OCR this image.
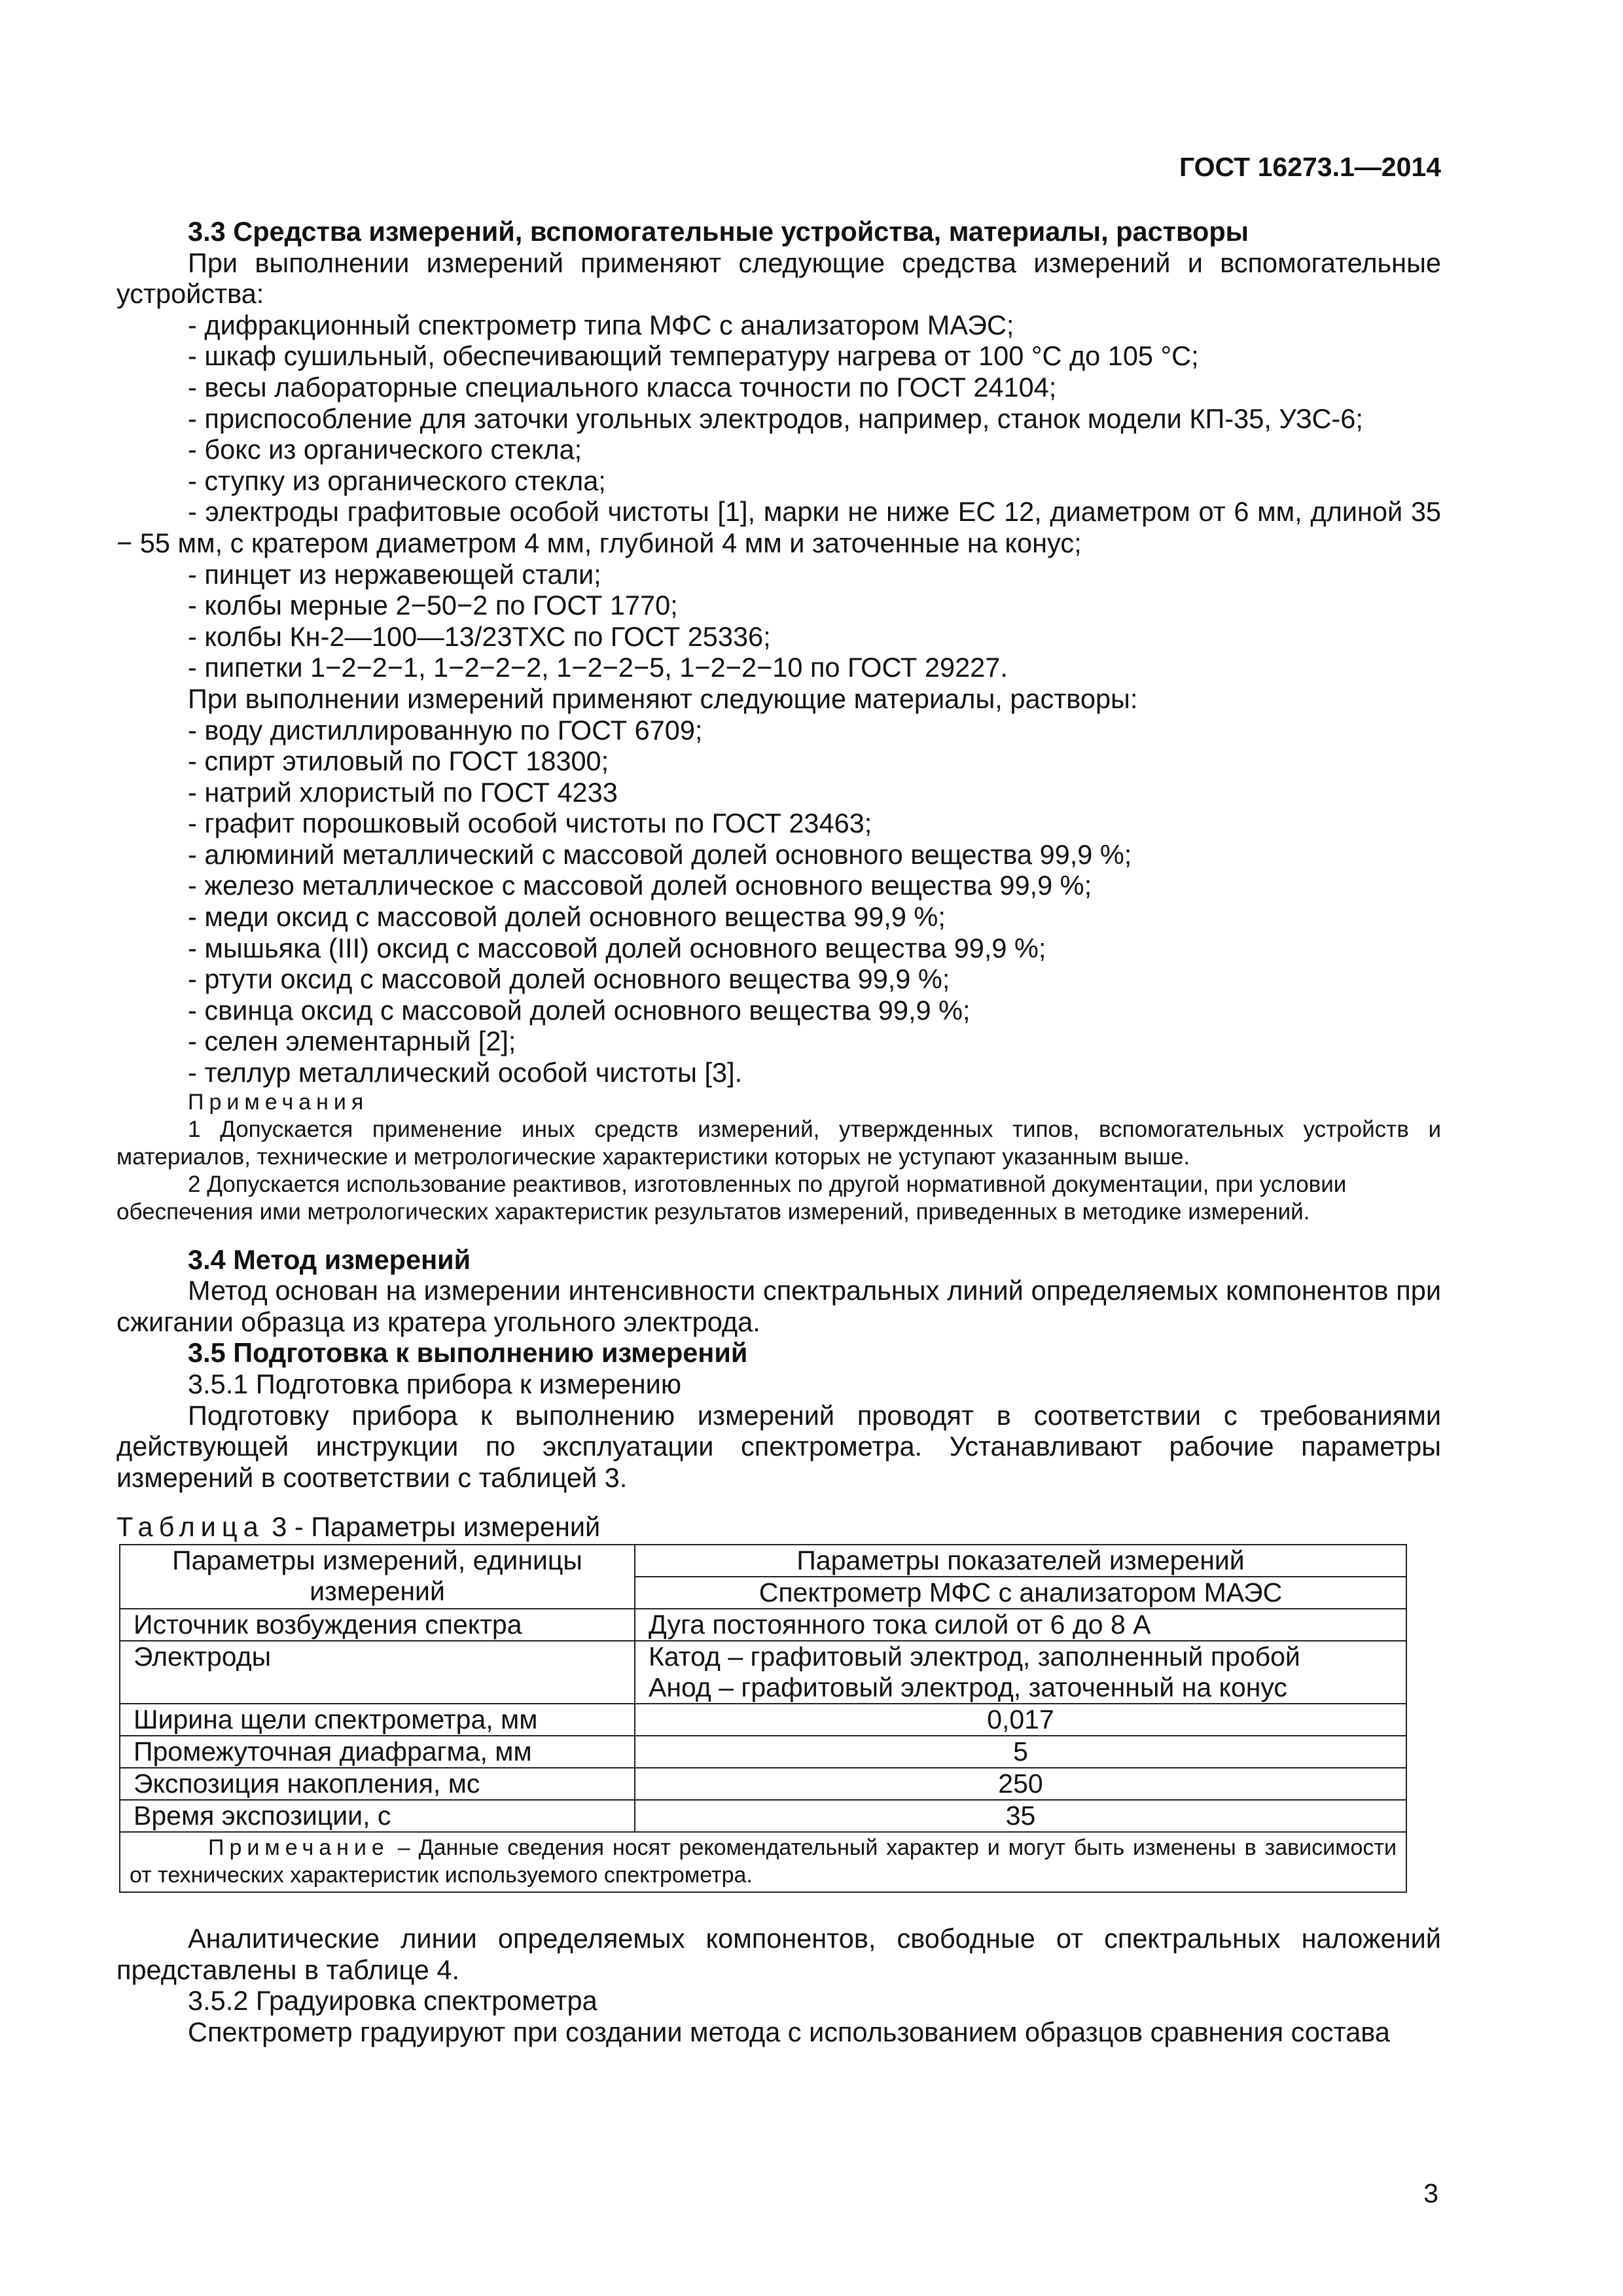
ГОСТ 16273.1—2014

3.3 Средства измерений, вспомогательные устройства, материалы, растворы

При выполнении измерений применяют следующие средства измерений и вспомогательные устройства:

- дифракционный спектрометр типа МФС с анализатором МАЭС;

- шкаф сушильный, обеспечивающий температуру нагрева от 100 °С до 105 °С;

- весы лабораторные специального класса точности по ГОСТ 24104;

- приспособление для заточки угольных электродов, например, станок модели КП-35, УЗС-6;

- бокс из органического стекла;

- ступку из органического стекла;

- электроды графитовые особой чистоты [1], марки не ниже ЕС 12, диаметром от 6 мм, длиной 35 − 55 мм, с кратером диаметром 4 мм, глубиной 4 мм и заточенные на конус;

- пинцет из нержавеющей стали;

- колбы мерные 2−50−2 по ГОСТ 1770;

- колбы Кн-2—100—13/23ТХС по ГОСТ 25336;

- пипетки 1−2−2−1, 1−2−2−2, 1−2−2−5, 1−2−2−10 по ГОСТ 29227.

При выполнении измерений применяют следующие материалы, растворы:

- воду дистиллированную по ГОСТ 6709;

- спирт этиловый по ГОСТ 18300;

- натрий хлористый по ГОСТ 4233

- графит порошковый особой чистоты по ГОСТ 23463;

- алюминий металлический с массовой долей основного вещества 99,9 %;

- железо металлическое с массовой долей основного вещества 99,9 %;

- меди оксид с массовой долей основного вещества 99,9 %;

- мышьяка (III) оксид с массовой долей основного вещества 99,9 %;

- ртути оксид с массовой долей основного вещества 99,9 %;

- свинца оксид с массовой долей основного вещества 99,9 %;

- селен элементарный [2];

- теллур металлический особой чистоты [3].

Примечания

1 Допускается применение иных средств измерений, утвержденных типов, вспомогательных устройств и материалов, технические и метрологические характеристики которых не уступают указанным выше.

2 Допускается использование реактивов, изготовленных по другой нормативной документации, при условии обеспечения ими метрологических характеристик результатов измерений, приведенных в методике измерений.

3.4 Метод измерений

Метод основан на измерении интенсивности спектральных линий определяемых компонентов при сжигании образца из кратера угольного электрода.

3.5 Подготовка к выполнению измерений

3.5.1 Подготовка прибора к измерению

Подготовку прибора к выполнению измерений проводят в соответствии с требованиями действующей инструкции по эксплуатации спектрометра. Устанавливают рабочие параметры измерений в соответствии с таблицей 3.

Таблица 3 - Параметры измерений

Параметры измерений, единицы измерений	Параметры показателей измерений
Спектрометр МФС с анализатором МАЭС

Источник возбуждения спектра	Дуга постоянного тока силой от 6 до 8 А
Электроды	Катод – графитовый электрод, заполненный пробой
Анод – графитовый электрод, заточенный на конус

Ширина щели спектрометра, мм	0,017
Промежуточная диафрагма, мм	5
Экспозиция накопления, мс	250
Время экспозиции, с	35
Примечание – Данные сведения носят рекомендательный характер и могут быть изменены в зависимости от технических характеристик используемого спектрометра.	

Аналитические линии определяемых компонентов, свободные от спектральных наложений представлены в таблице 4.

3.5.2 Градуировка спектрометра

Спектрометр градуируют при создании метода с использованием образцов сравнения состава

3
